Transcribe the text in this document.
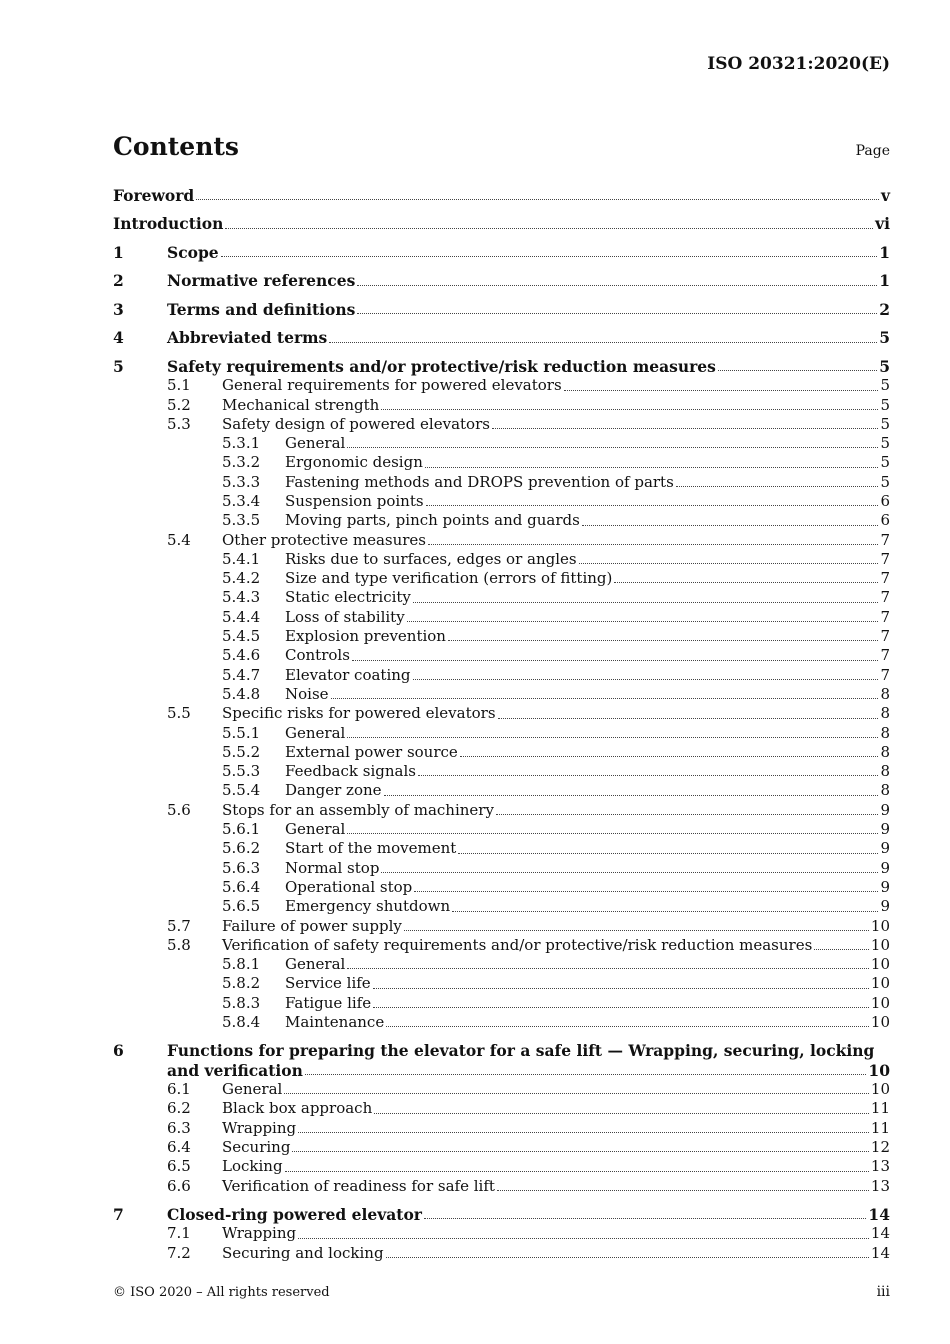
ISO 20321:2020(E)
Contents	Page
Foreword	v
Introduction	vi
1	Scope	1
2	Normative references	1
3	Terms and definitions	2
4	Abbreviated terms	5
5	Safety requirements and/or protective/risk reduction measures	5
5.1	General requirements for powered elevators	5
5.2	Mechanical strength	5
5.3	Safety design of powered elevators	5
5.3.1	General	5
5.3.2	Ergonomic design	5
5.3.3	Fastening methods and DROPS prevention of parts	5
5.3.4	Suspension points	6
5.3.5	Moving parts, pinch points and guards	6
5.4	Other protective measures	7
5.4.1	Risks due to surfaces, edges or angles	7
5.4.2	Size and type verification (errors of fitting)	7
5.4.3	Static electricity	7
5.4.4	Loss of stability	7
5.4.5	Explosion prevention	7
5.4.6	Controls	7
5.4.7	Elevator coating	7
5.4.8	Noise	8
5.5	Specific risks for powered elevators	8
5.5.1	General	8
5.5.2	External power source	8
5.5.3	Feedback signals	8
5.5.4	Danger zone	8
5.6	Stops for an assembly of machinery	9
5.6.1	General	9
5.6.2	Start of the movement	9
5.6.3	Normal stop	9
5.6.4	Operational stop	9
5.6.5	Emergency shutdown	9
5.7	Failure of power supply	10
5.8	Verification of safety requirements and/or protective/risk reduction measures	10
5.8.1	General	10
5.8.2	Service life	10
5.8.3	Fatigue life	10
5.8.4	Maintenance	10
6	Functions for preparing the elevator for a safe lift — Wrapping, securing, locking
and verification	10
6.1	General	10
6.2	Black box approach	11
6.3	Wrapping	11
6.4	Securing	12
6.5	Locking	13
6.6	Verification of readiness for safe lift	13
7	Closed-ring powered elevator	14
7.1	Wrapping	14
7.2	Securing and locking	14
© ISO 2020 – All rights reserved	iii
